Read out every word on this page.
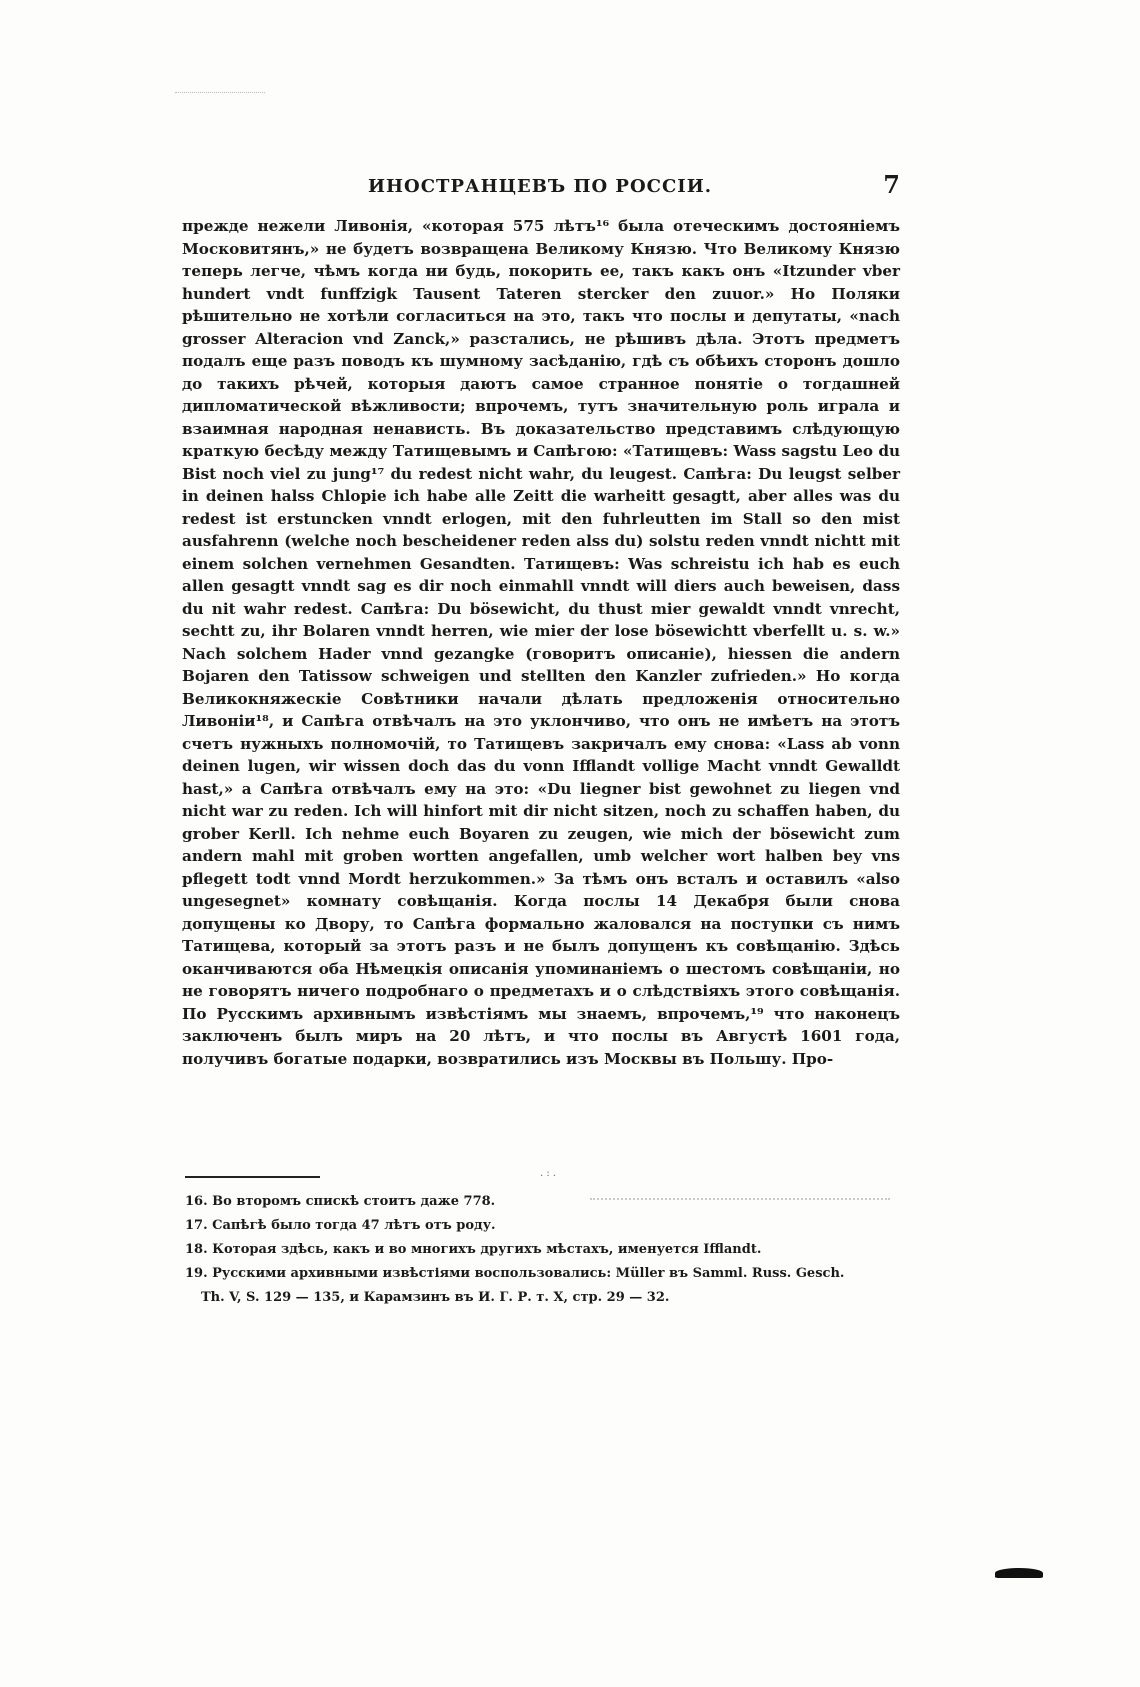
ИНОСТРАНЦЕВЪ ПО РОССІИ.	7

прежде нежели Ливонія, «которая 575 лѣтъ¹⁶ была отеческимъ достояніемъ Московитянъ,» не будетъ возвращена Великому Князю. Что Великому Князю теперь легче, чѣмъ когда ни будь, покорить ее, такъ какъ онъ «Itzunder vber hundert vndt funffzigk Tausent Tateren stercker den zuuor.» Но Поляки рѣшительно не хотѣли согласиться на это, такъ что послы и депутаты, «nach grosser Alteracion vnd Zanck,» разстались, не рѣшивъ дѣла. Этотъ предметъ подалъ еще разъ поводъ къ шумному засѣданію, гдѣ съ обѣихъ сторонъ дошло до такихъ рѣчей, которыя даютъ самое странное понятіе о тогдашней дипломатической вѣжливости; впрочемъ, тутъ значительную роль играла и взаимная народная ненависть. Въ доказательство представимъ слѣдующую краткую бесѣду между Татищевымъ и Сапѣгою: «Татищевъ: Wass sagstu Leo du Bist noch viel zu jung¹⁷ du redest nicht wahr, du leugest. Сапѣга: Du leugst selber in deinen halss Chlopie ich habe alle Zeitt die warheitt gesagtt, aber alles was du redest ist erstuncken vnndt erlogen, mit den fuhrleutten im Stall so den mist ausfahrenn (welche noch bescheidener reden alss du) solstu reden vnndt nichtt mit einem solchen vernehmen Gesandten. Татищевъ: Was schreistu ich hab es euch allen gesagtt vnndt sag es dir noch einmahll vnndt will diers auch beweisen, dass du nit wahr redest. Сапѣга: Du bösewicht, du thust mier gewaldt vnndt vnrecht, sechtt zu, ihr Bolaren vnndt herren, wie mier der lose bösewichtt vberfellt u. s. w.» Nach solchem Hader vnnd gezangke (говоритъ описаніе), hiessen die andern Bojaren den Tatissow schweigen und stellten den Kanzler zufrieden.» Но когда Великокняжескіе Совѣтники начали дѣлать предложенія относительно Ливоніи¹⁸, и Сапѣга отвѣчалъ на это уклончиво, что онъ не имѣетъ на этотъ счетъ нужныхъ полномочій, то Татищевъ закричалъ ему снова: «Lass ab vonn deinen lugen, wir wissen doch das du vonn Ifflandt vollige Macht vnndt Gewalldt hast,» а Сапѣга отвѣчалъ ему на это: «Du liegner bist gewohnet zu liegen vnd nicht war zu reden. Ich will hinfort mit dir nicht sitzen, noch zu schaffen haben, du grober Kerll. Ich nehme euch Boyaren zu zeugen, wie mich der bösewicht zum andern mahl mit groben wortten angefallen, umb welcher wort halben bey vns pflegett todt vnnd Mordt herzukommen.» За тѣмъ онъ всталъ и оставилъ «also ungesegnet» комнату совѣщанія. Когда послы 14 Декабря были снова допущены ко Двору, то Сапѣга формально жаловался на поступки съ нимъ Татищева, который за этотъ разъ и не былъ допущенъ къ совѣщанію. Здѣсь оканчиваются оба Нѣмецкія описанія упоминаніемъ о шестомъ совѣщаніи, но не говорятъ ничего подробнаго о предметахъ и о слѣдствіяхъ этого совѣщанія. По Русскимъ архивнымъ извѣстіямъ мы знаемъ, впрочемъ,¹⁹ что наконецъ заключенъ былъ миръ на 20 лѣтъ, и что послы въ Августѣ 1601 года, получивъ богатые подарки, возвратились изъ Москвы въ Польшу. Про-

. : .
16. Во второмъ спискѣ стоитъ даже 778.
17. Сапѣгѣ было тогда 47 лѣтъ отъ роду.
18. Которая здѣсь, какъ и во многихъ другихъ мѣстахъ, именуется Ifflandt.
19. Русскими архивными извѣстіями воспользовались: Müller въ Samml. Russ. Gesch.
Th. V, S. 129 — 135, и Карамзинъ въ И. Г. Р. т. X, стр. 29 — 32.
